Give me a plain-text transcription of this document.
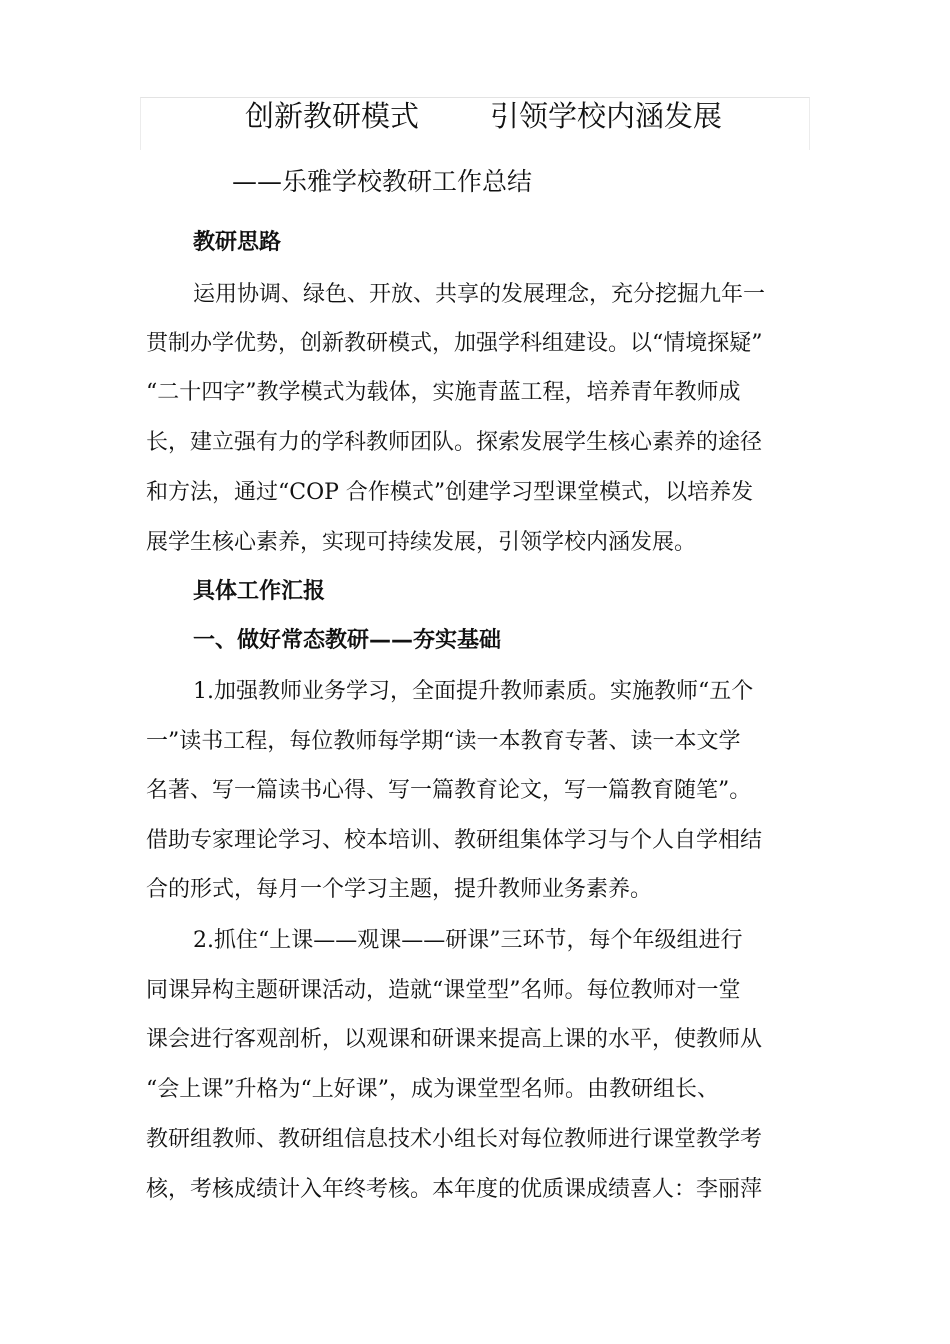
创新教研模式 引领学校内涵发展
——乐雅学校教研工作总结
教研思路
运用协调、绿色、开放、共享的发展理念，充分挖掘九年一
贯制办学优势，创新教研模式，加强学科组建设。以“情境探疑”
“二十四字”教学模式为载体，实施青蓝工程，培养青年教师成
长，建立强有力的学科教师团队。探索发展学生核心素养的途径
和方法，通过“COP 合作模式”创建学习型课堂模式，以培养发
展学生核心素养，实现可持续发展，引领学校内涵发展。
具体工作汇报
一、做好常态教研——夯实基础
1.加强教师业务学习，全面提升教师素质。实施教师“五个
一”读书工程，每位教师每学期“读一本教育专著、读一本文学
名著、写一篇读书心得、写一篇教育论文，写一篇教育随笔”。
借助专家理论学习、校本培训、教研组集体学习与个人自学相结
合的形式，每月一个学习主题，提升教师业务素养。
2.抓住“上课——观课——研课”三环节，每个年级组进行
同课异构主题研课活动，造就“课堂型”名师。每位教师对一堂
课会进行客观剖析，以观课和研课来提高上课的水平，使教师从
“会上课”升格为“上好课”，成为课堂型名师。由教研组长、
教研组教师、教研组信息技术小组长对每位教师进行课堂教学考
核，考核成绩计入年终考核。本年度的优质课成绩喜人：李丽萍
